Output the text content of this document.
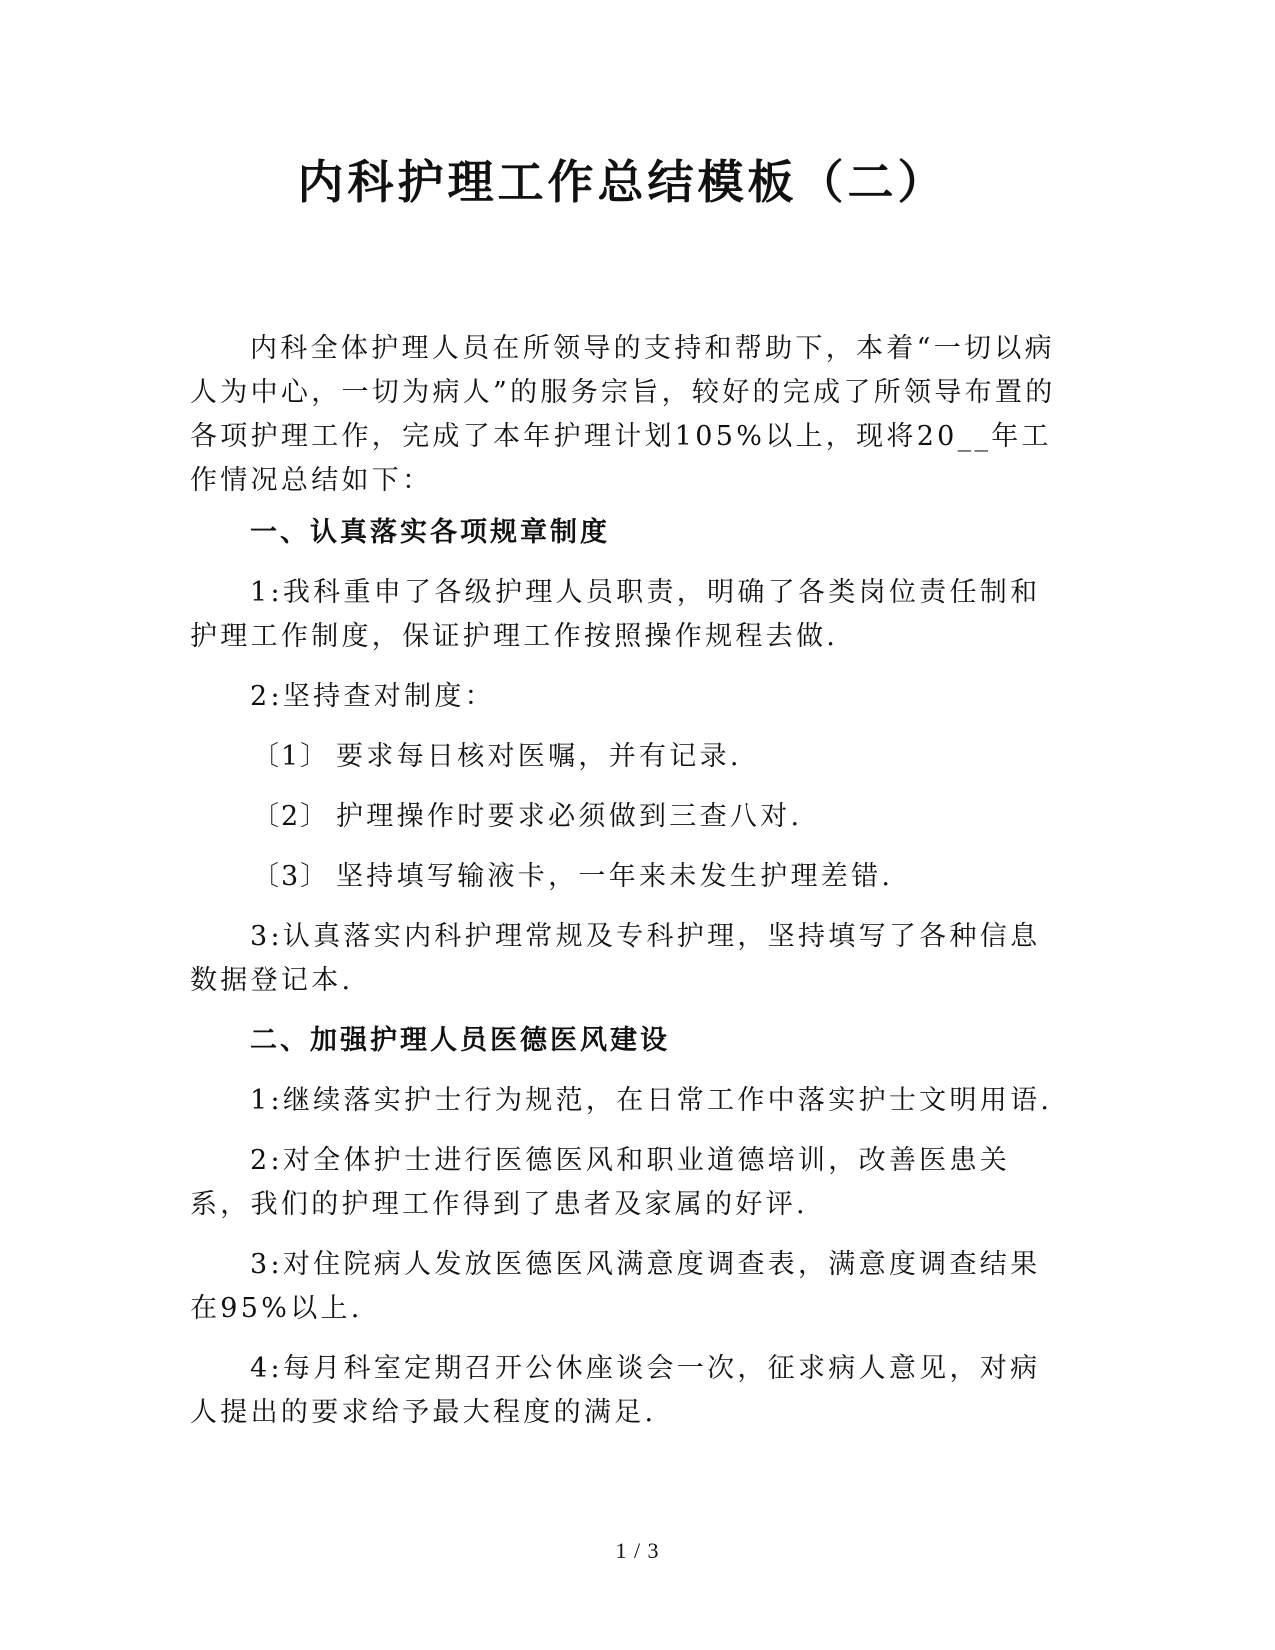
内科护理工作总结模板（二）

内科全体护理人员在所领导的支持和帮助下，本着“一切以病人为中心，一切为病人”的服务宗旨，较好的完成了所领导布置的各项护理工作，完成了本年护理计划105%以上，现将20__年工作情况总结如下：

一、认真落实各项规章制度

1:我科重申了各级护理人员职责，明确了各类岗位责任制和护理工作制度，保证护理工作按照操作规程去做.

2:坚持查对制度：

〔1〕 要求每日核对医嘱，并有记录.

〔2〕 护理操作时要求必须做到三查八对.

〔3〕 坚持填写输液卡，一年来未发生护理差错.

3:认真落实内科护理常规及专科护理，坚持填写了各种信息数据登记本.

二、加强护理人员医德医风建设

1:继续落实护士行为规范，在日常工作中落实护士文明用语.

2:对全体护士进行医德医风和职业道德培训，改善医患关系，我们的护理工作得到了患者及家属的好评.

3:对住院病人发放医德医风满意度调查表，满意度调查结果在95%以上.

4:每月科室定期召开公休座谈会一次，征求病人意见，对病人提出的要求给予最大程度的满足.

1 / 3
